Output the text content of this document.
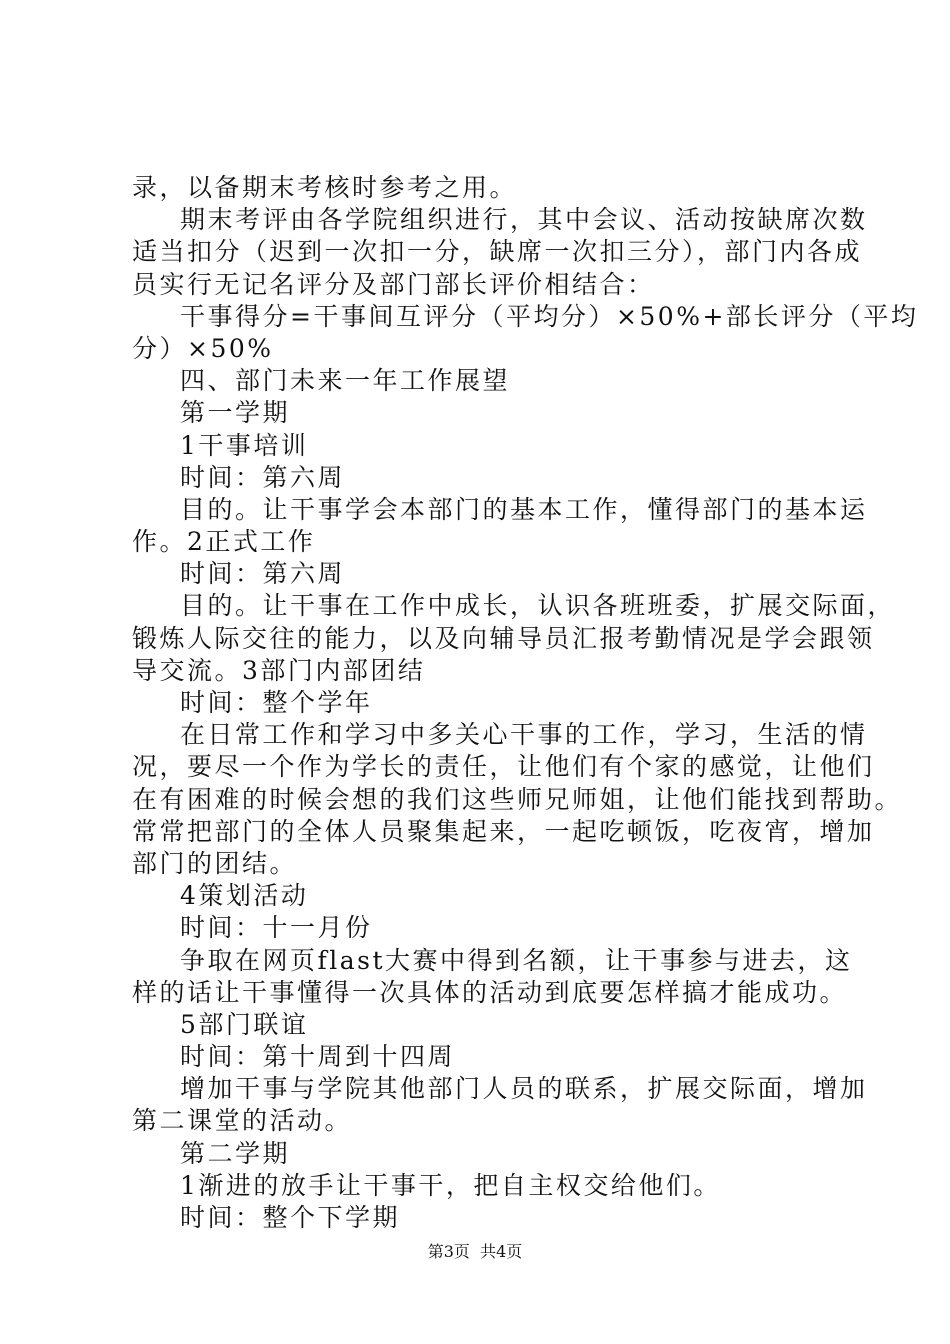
录，以备期末考核时参考之用。
期末考评由各学院组织进行，其中会议、活动按缺席次数
适当扣分（迟到一次扣一分，缺席一次扣三分），部门内各成
员实行无记名评分及部门部长评价相结合：
干事得分=干事间互评分（平均分）×50%+部长评分（平均
分）×50%
四、部门未来一年工作展望
第一学期
1干事培训
时间：第六周
目的。让干事学会本部门的基本工作，懂得部门的基本运
作。2正式工作
时间：第六周
目的。让干事在工作中成长，认识各班班委，扩展交际面，
锻炼人际交往的能力，以及向辅导员汇报考勤情况是学会跟领
导交流。3部门内部团结
时间：整个学年
在日常工作和学习中多关心干事的工作，学习，生活的情
况，要尽一个作为学长的责任，让他们有个家的感觉，让他们
在有困难的时候会想的我们这些师兄师姐，让他们能找到帮助。
常常把部门的全体人员聚集起来，一起吃顿饭，吃夜宵，增加
部门的团结。
4策划活动
时间：十一月份
争取在网页flast大赛中得到名额，让干事参与进去，这
样的话让干事懂得一次具体的活动到底要怎样搞才能成功。
5部门联谊
时间：第十周到十四周
增加干事与学院其他部门人员的联系，扩展交际面，增加
第二课堂的活动。
第二学期
1渐进的放手让干事干，把自主权交给他们。
时间：整个下学期
第3页  共4页
